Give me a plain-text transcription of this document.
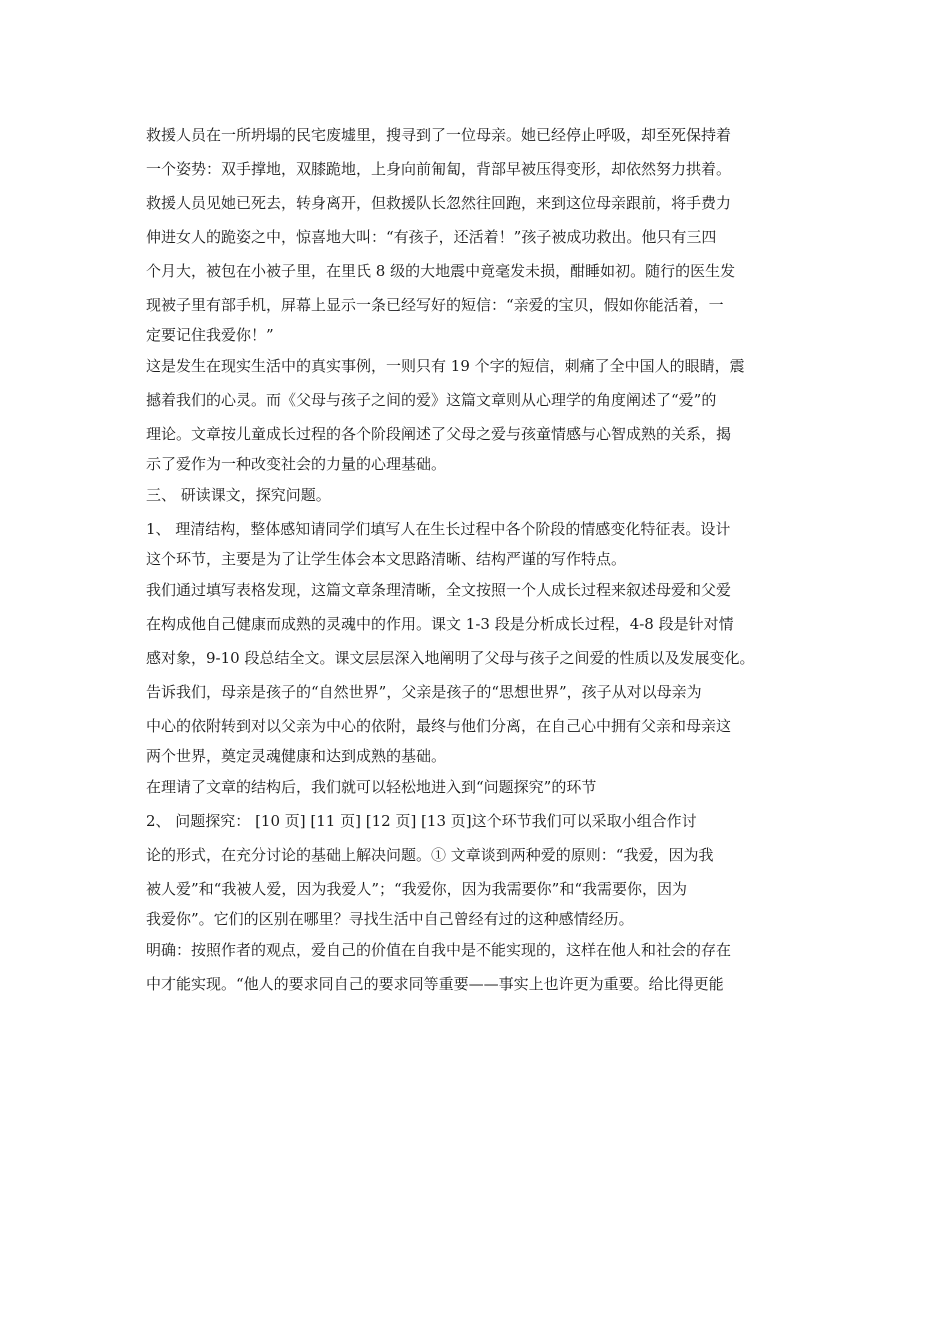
救援人员在一所坍塌的民宅废墟里，搜寻到了一位母亲。她已经停止呼吸，却至死保持着
一个姿势：双手撑地，双膝跪地，上身向前匍匐，背部早被压得变形，却依然努力拱着。
救援人员见她已死去，转身离开，但救援队长忽然往回跑，来到这位母亲跟前，将手费力
伸进女人的跪姿之中，惊喜地大叫：“有孩子，还活着！”孩子被成功救出。他只有三四
个月大，被包在小被子里，在里氏 8 级的大地震中竟毫发未损，酣睡如初。随行的医生发
现被子里有部手机，屏幕上显示一条已经写好的短信：“亲爱的宝贝，假如你能活着，一
定要记住我爱你！”
这是发生在现实生活中的真实事例，一则只有 19 个字的短信，刺痛了全中国人的眼睛，震
撼着我们的心灵。而《父母与孩子之间的爱》这篇文章则从心理学的角度阐述了“爱”的
理论。文章按儿童成长过程的各个阶段阐述了父母之爱与孩童情感与心智成熟的关系，揭
示了爱作为一种改变社会的力量的心理基础。
三、 研读课文，探究问题。
1、 理清结构，整体感知请同学们填写人在生长过程中各个阶段的情感变化特征表。设计
这个环节，主要是为了让学生体会本文思路清晰、结构严谨的写作特点。
我们通过填写表格发现，这篇文章条理清晰，全文按照一个人成长过程来叙述母爱和父爱
在构成他自己健康而成熟的灵魂中的作用。课文 1-3 段是分析成长过程，4-8 段是针对情
感对象，9-10 段总结全文。课文层层深入地阐明了父母与孩子之间爱的性质以及发展变化。
告诉我们，母亲是孩子的“自然世界”，父亲是孩子的“思想世界”，孩子从对以母亲为
中心的依附转到对以父亲为中心的依附，最终与他们分离，在自己心中拥有父亲和母亲这
两个世界，奠定灵魂健康和达到成熟的基础。
在理请了文章的结构后，我们就可以轻松地进入到“问题探究”的环节
2、 问题探究： [10 页] [11 页] [12 页] [13 页]这个环节我们可以采取小组合作讨
论的形式，在充分讨论的基础上解决问题。① 文章谈到两种爱的原则：“我爱，因为我
被人爱”和“我被人爱，因为我爱人”；“我爱你，因为我需要你”和“我需要你，因为
我爱你”。它们的区别在哪里？寻找生活中自己曾经有过的这种感情经历。
明确：按照作者的观点，爱自己的价值在自我中是不能实现的，这样在他人和社会的存在
中才能实现。“他人的要求同自己的要求同等重要——事实上也许更为重要。给比得更能
